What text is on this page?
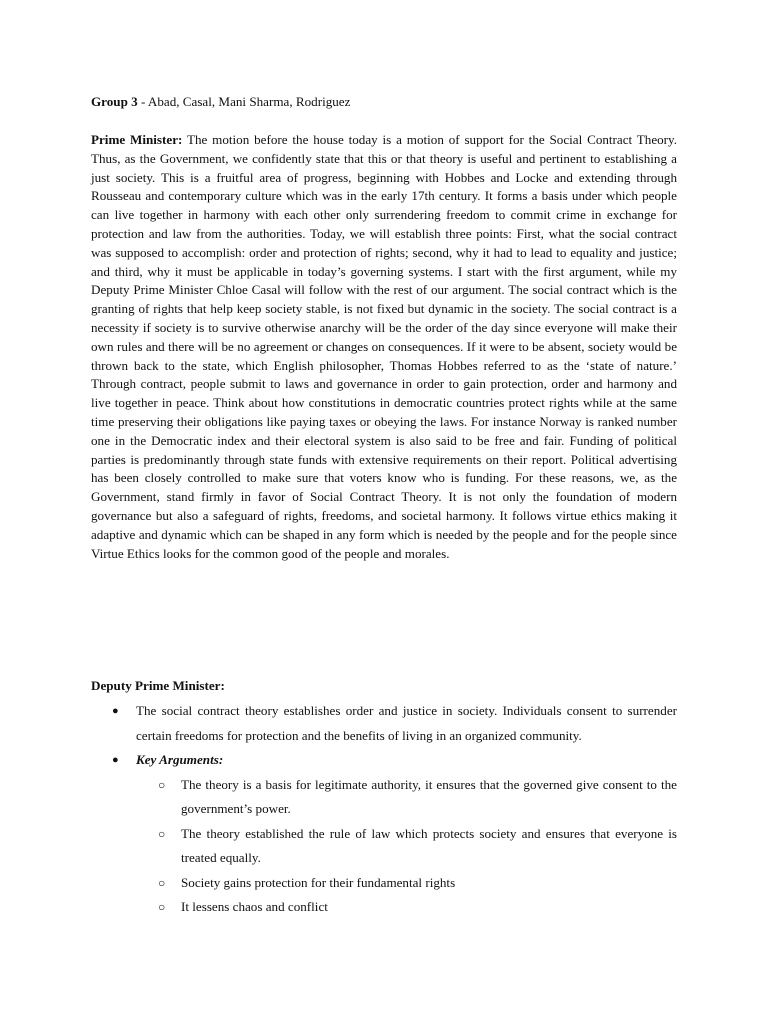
Group 3 - Abad, Casal, Mani Sharma, Rodriguez

Prime Minister: The motion before the house today is a motion of support for the Social Contract Theory. Thus, as the Government, we confidently state that this or that theory is useful and pertinent to establishing a just society. This is a fruitful area of progress, beginning with Hobbes and Locke and extending through Rousseau and contemporary culture which was in the early 17th century. It forms a basis under which people can live together in harmony with each other only surrendering freedom to commit crime in exchange for protection and law from the authorities. Today, we will establish three points: First, what the social contract was supposed to accomplish: order and protection of rights; second, why it had to lead to equality and justice; and third, why it must be applicable in today’s governing systems. I start with the first argument, while my Deputy Prime Minister Chloe Casal will follow with the rest of our argument. The social contract which is the granting of rights that help keep society stable, is not fixed but dynamic in the society. The social contract is a necessity if society is to survive otherwise anarchy will be the order of the day since everyone will make their own rules and there will be no agreement or changes on consequences. If it were to be absent, society would be thrown back to the state, which English philosopher, Thomas Hobbes referred to as the ‘state of nature.’ Through contract, people submit to laws and governance in order to gain protection, order and harmony and live together in peace. Think about how constitutions in democratic countries protect rights while at the same time preserving their obligations like paying taxes or obeying the laws. For instance Norway is ranked number one in the Democratic index and their electoral system is also said to be free and fair. Funding of political parties is predominantly through state funds with extensive requirements on their report. Political advertising has been closely controlled to make sure that voters know who is funding. For these reasons, we, as the Government, stand firmly in favor of Social Contract Theory. It is not only the foundation of modern governance but also a safeguard of rights, freedoms, and societal harmony. It follows virtue ethics making it adaptive and dynamic which can be shaped in any form which is needed by the people and for the people since Virtue Ethics looks for the common good of the people and morales.

Deputy Prime Minister:
● The social contract theory establishes order and justice in society. Individuals consent to surrender certain freedoms for protection and the benefits of living in an organized community.
● Key Arguments:
○ The theory is a basis for legitimate authority, it ensures that the governed give consent to the government’s power.
○ The theory established the rule of law which protects society and ensures that everyone is treated equally.
○ Society gains protection for their fundamental rights
○ It lessens chaos and conflict
